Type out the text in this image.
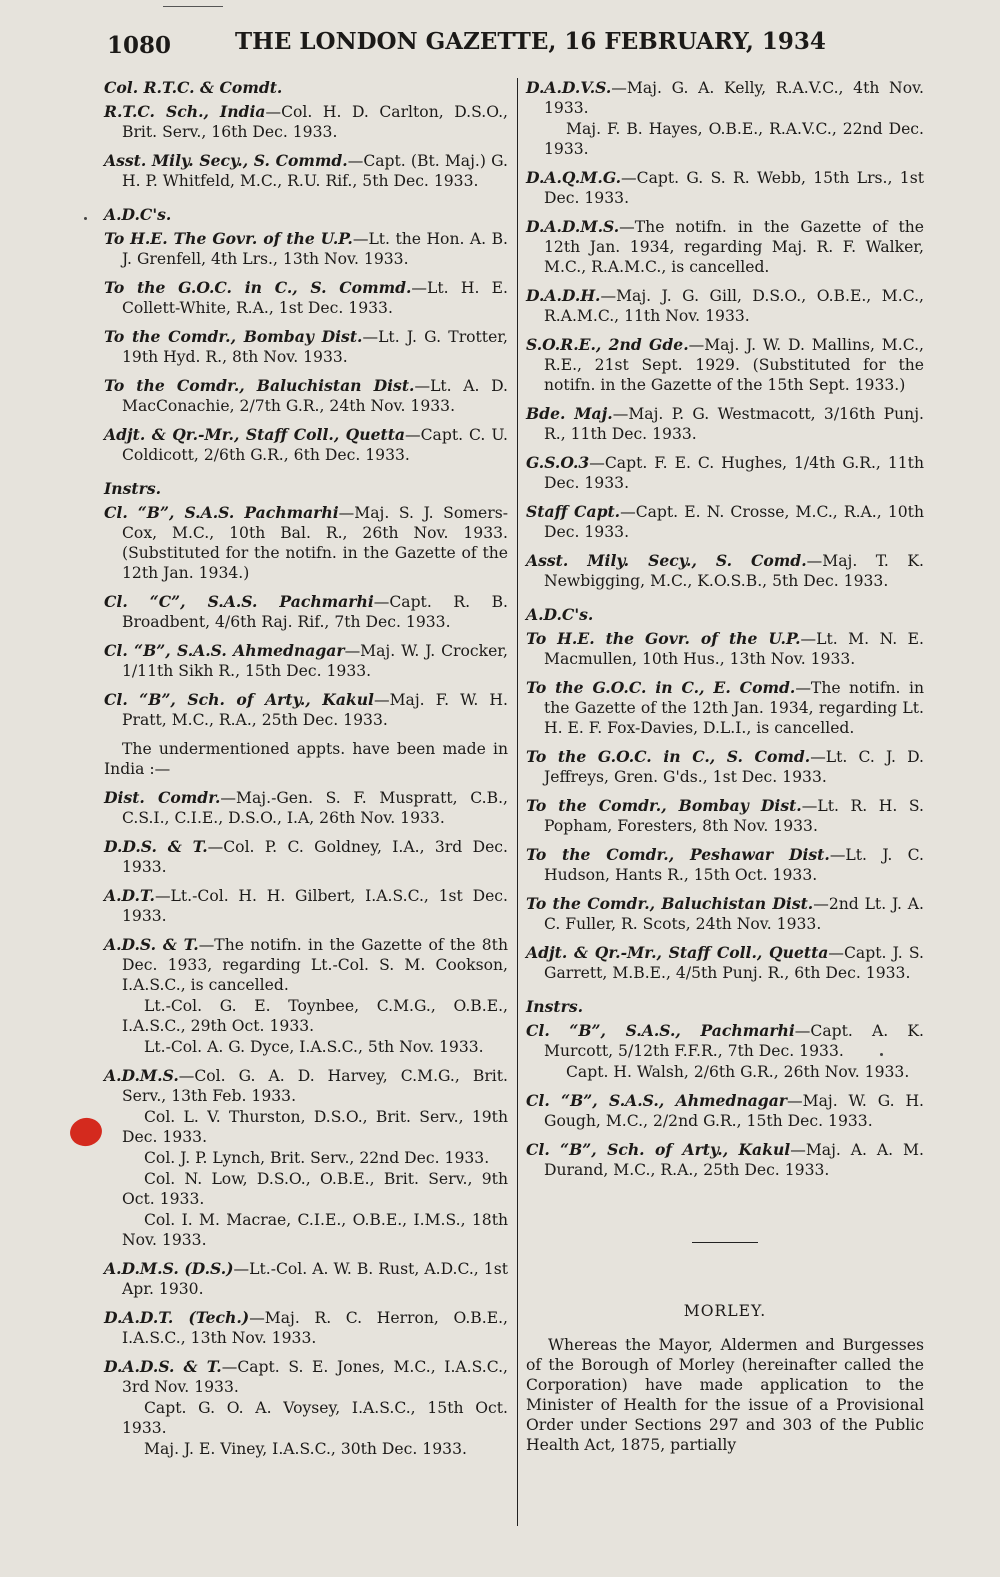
1080	THE LONDON GAZETTE, 16 FEBRUARY, 1934
Col. R.T.C. & Comdt.

R.T.C. Sch., India—Col. H. D. Carlton, D.S.O., Brit. Serv., 16th Dec. 1933.

Asst. Mily. Secy., S. Commd.—Capt. (Bt. Maj.) G. H. P. Whitfeld, M.C., R.U. Rif., 5th Dec. 1933.

A.D.C's.

To H.E. The Govr. of the U.P.—Lt. the Hon. A. B. J. Grenfell, 4th Lrs., 13th Nov. 1933.

To the G.O.C. in C., S. Commd.—Lt. H. E. Collett-White, R.A., 1st Dec. 1933.

To the Comdr., Bombay Dist.—Lt. J. G. Trotter, 19th Hyd. R., 8th Nov. 1933.

To the Comdr., Baluchistan Dist.—Lt. A. D. MacConachie, 2/7th G.R., 24th Nov. 1933.

Adjt. & Qr.-Mr., Staff Coll., Quetta—Capt. C. U. Coldicott, 2/6th G.R., 6th Dec. 1933.

Instrs.

Cl. “B”, S.A.S. Pachmarhi—Maj. S. J. Somers-Cox, M.C., 10th Bal. R., 26th Nov. 1933. (Substituted for the notifn. in the Gazette of the 12th Jan. 1934.)

Cl. “C”, S.A.S. Pachmarhi—Capt. R. B. Broadbent, 4/6th Raj. Rif., 7th Dec. 1933.

Cl. “B”, S.A.S. Ahmednagar—Maj. W. J. Crocker, 1/11th Sikh R., 15th Dec. 1933.

Cl. “B”, Sch. of Arty., Kakul—Maj. F. W. H. Pratt, M.C., R.A., 25th Dec. 1933.

The undermentioned appts. have been made in India :—

Dist. Comdr.—Maj.-Gen. S. F. Muspratt, C.B., C.S.I., C.I.E., D.S.O., I.A, 26th Nov. 1933.

D.D.S. & T.—Col. P. C. Goldney, I.A., 3rd Dec. 1933.

A.D.T.—Lt.-Col. H. H. Gilbert, I.A.S.C., 1st Dec. 1933.

A.D.S. & T.—The notifn. in the Gazette of the 8th Dec. 1933, regarding Lt.-Col. S. M. Cookson, I.A.S.C., is cancelled.

Lt.-Col. G. E. Toynbee, C.M.G., O.B.E., I.A.S.C., 29th Oct. 1933.

Lt.-Col. A. G. Dyce, I.A.S.C., 5th Nov. 1933.

A.D.M.S.—Col. G. A. D. Harvey, C.M.G., Brit. Serv., 13th Feb. 1933.

Col. L. V. Thurston, D.S.O., Brit. Serv., 19th Dec. 1933.

Col. J. P. Lynch, Brit. Serv., 22nd Dec. 1933.

Col. N. Low, D.S.O., O.B.E., Brit. Serv., 9th Oct. 1933.

Col. I. M. Macrae, C.I.E., O.B.E., I.M.S., 18th Nov. 1933.

A.D.M.S. (D.S.)—Lt.-Col. A. W. B. Rust, A.D.C., 1st Apr. 1930.

D.A.D.T. (Tech.)—Maj. R. C. Herron, O.B.E., I.A.S.C., 13th Nov. 1933.

D.A.D.S. & T.—Capt. S. E. Jones, M.C., I.A.S.C., 3rd Nov. 1933.

Capt. G. O. A. Voysey, I.A.S.C., 15th Oct. 1933.

Maj. J. E. Viney, I.A.S.C., 30th Dec. 1933.

D.A.D.V.S.—Maj. G. A. Kelly, R.A.V.C., 4th Nov. 1933.

Maj. F. B. Hayes, O.B.E., R.A.V.C., 22nd Dec. 1933.

D.A.Q.M.G.—Capt. G. S. R. Webb, 15th Lrs., 1st Dec. 1933.

D.A.D.M.S.—The notifn. in the Gazette of the 12th Jan. 1934, regarding Maj. R. F. Walker, M.C., R.A.M.C., is cancelled.

D.A.D.H.—Maj. J. G. Gill, D.S.O., O.B.E., M.C., R.A.M.C., 11th Nov. 1933.

S.O.R.E., 2nd Gde.—Maj. J. W. D. Mallins, M.C., R.E., 21st Sept. 1929. (Substituted for the notifn. in the Gazette of the 15th Sept. 1933.)

Bde. Maj.—Maj. P. G. Westmacott, 3/16th Punj. R., 11th Dec. 1933.

G.S.O.3—Capt. F. E. C. Hughes, 1/4th G.R., 11th Dec. 1933.

Staff Capt.—Capt. E. N. Crosse, M.C., R.A., 10th Dec. 1933.

Asst. Mily. Secy., S. Comd.—Maj. T. K. Newbigging, M.C., K.O.S.B., 5th Dec. 1933.

A.D.C's.

To H.E. the Govr. of the U.P.—Lt. M. N. E. Macmullen, 10th Hus., 13th Nov. 1933.

To the G.O.C. in C., E. Comd.—The notifn. in the Gazette of the 12th Jan. 1934, regarding Lt. H. E. F. Fox-Davies, D.L.I., is cancelled.

To the G.O.C. in C., S. Comd.—Lt. C. J. D. Jeffreys, Gren. G'ds., 1st Dec. 1933.

To the Comdr., Bombay Dist.—Lt. R. H. S. Popham, Foresters, 8th Nov. 1933.

To the Comdr., Peshawar Dist.—Lt. J. C. Hudson, Hants R., 15th Oct. 1933.

To the Comdr., Baluchistan Dist.—2nd Lt. J. A. C. Fuller, R. Scots, 24th Nov. 1933.

Adjt. & Qr.-Mr., Staff Coll., Quetta—Capt. J. S. Garrett, M.B.E., 4/5th Punj. R., 6th Dec. 1933.

Instrs.

Cl. “B”, S.A.S., Pachmarhi—Capt. A. K. Murcott, 5/12th F.F.R., 7th Dec. 1933.

Capt. H. Walsh, 2/6th G.R., 26th Nov. 1933.

Cl. “B”, S.A.S., Ahmednagar—Maj. W. G. H. Gough, M.C., 2/2nd G.R., 15th Dec. 1933.

Cl. “B”, Sch. of Arty., Kakul—Maj. A. A. M. Durand, M.C., R.A., 25th Dec. 1933.

MORLEY.
Whereas the Mayor, Aldermen and Burgesses of the Borough of Morley (hereinafter called the Corporation) have made application to the Minister of Health for the issue of a Provisional Order under Sections 297 and 303 of the Public Health Act, 1875, partially
